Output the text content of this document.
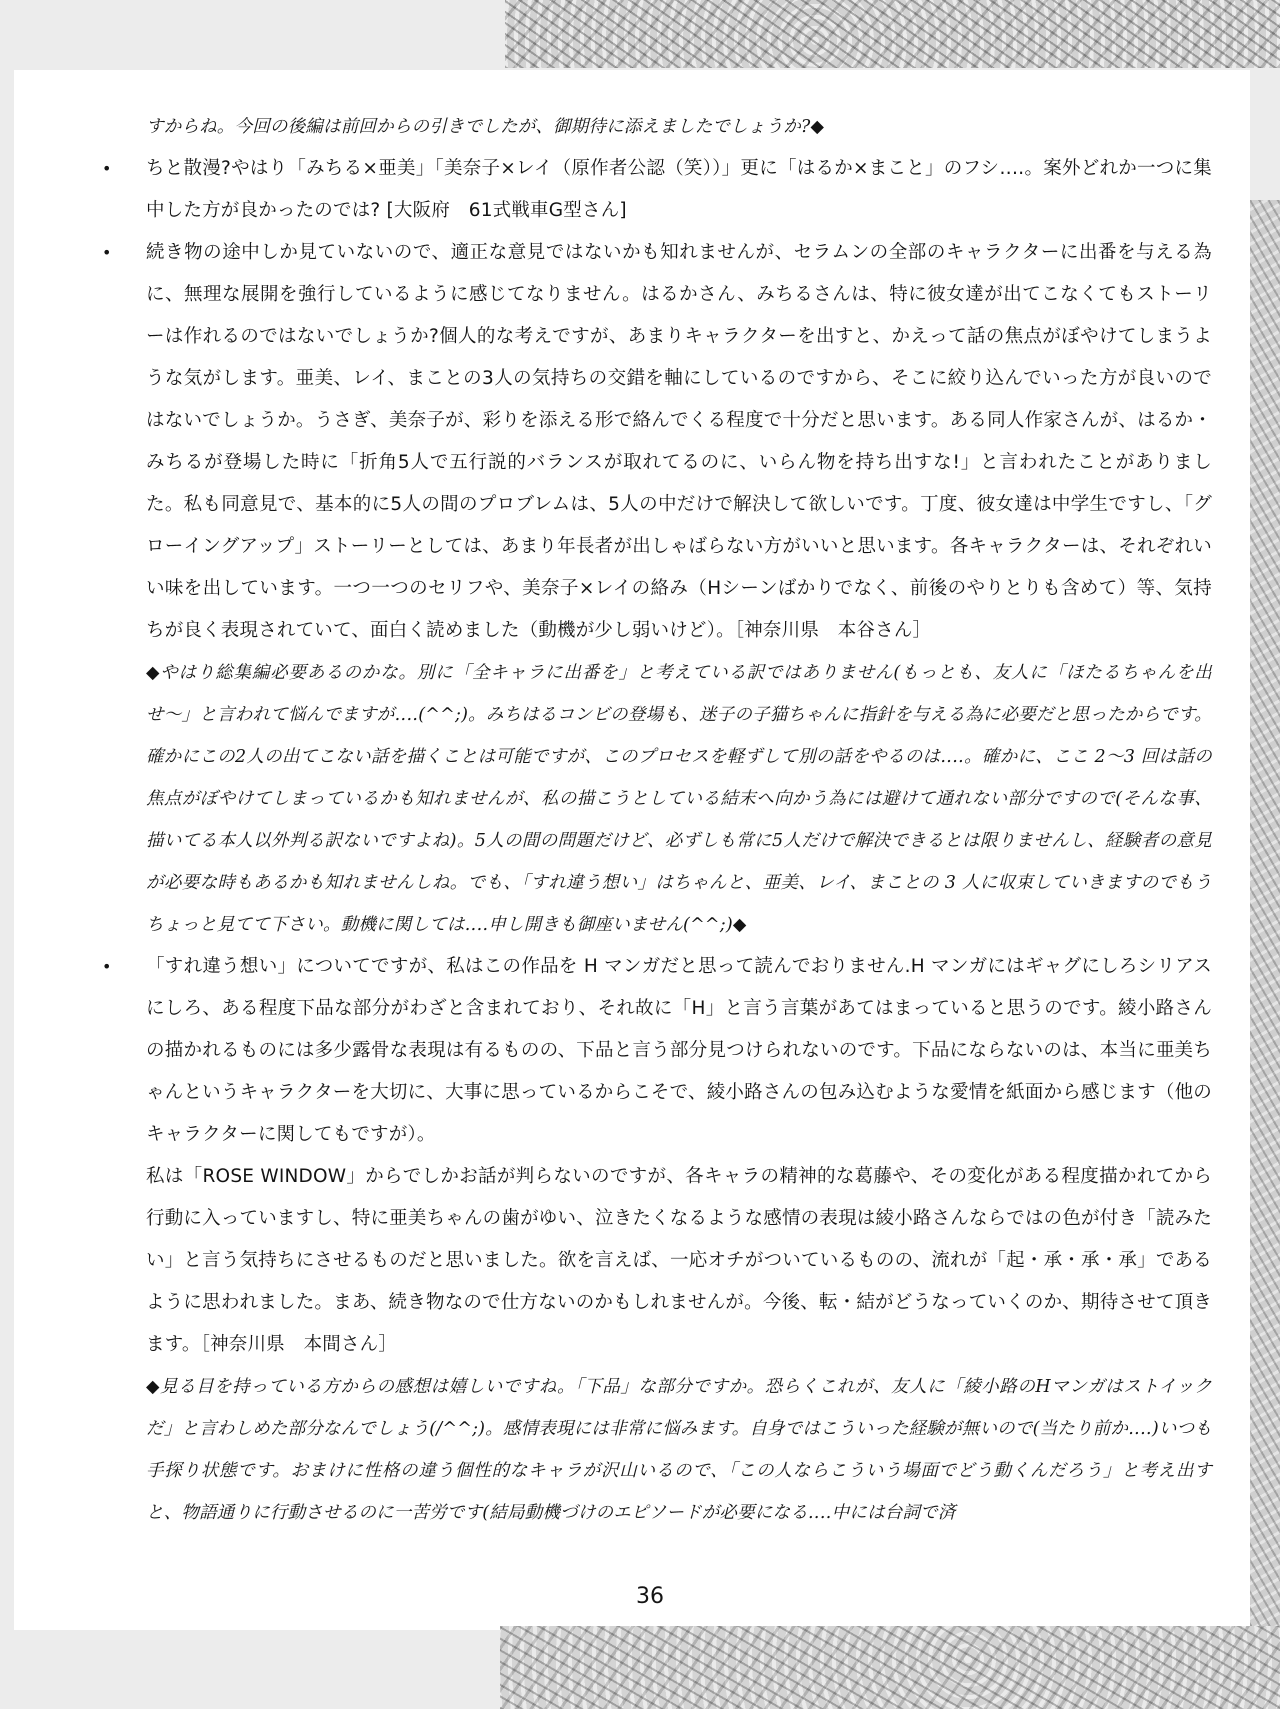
すからね。今回の後編は前回からの引きでしたが、御期待に添えましたでしょうか?◆
• ちと散漫?やはり「みちる×亜美」「美奈子×レイ（原作者公認（笑））」更に「はるか×まこと」のフシ‥‥。案外どれか一つに集中した方が良かったのでは? [大阪府　61式戦車G型さん]
• 続き物の途中しか見ていないので、適正な意見ではないかも知れませんが、セラムンの全部のキャラクターに出番を与える為に、無理な展開を強行しているように感じてなりません。はるかさん、みちるさんは、特に彼女達が出てこなくてもストーリーは作れるのではないでしょうか?個人的な考えですが、あまりキャラクターを出すと、かえって話の焦点がぼやけてしまうような気がします。亜美、レイ、まことの3人の気持ちの交錯を軸にしているのですから、そこに絞り込んでいった方が良いのではないでしょうか。うさぎ、美奈子が、彩りを添える形で絡んでくる程度で十分だと思います。ある同人作家さんが、はるか・みちるが登場した時に「折角5人で五行説的バランスが取れてるのに、いらん物を持ち出すな!」と言われたことがありました。私も同意見で、基本的に5人の間のプロブレムは、5人の中だけで解決して欲しいです。丁度、彼女達は中学生ですし、「グローイングアップ」ストーリーとしては、あまり年長者が出しゃばらない方がいいと思います。各キャラクターは、それぞれいい味を出しています。一つ一つのセリフや、美奈子×レイの絡み（Hシーンばかりでなく、前後のやりとりも含めて）等、気持ちが良く表現されていて、面白く読めました（動機が少し弱いけど）。［神奈川県　本谷さん］
◆やはり総集編必要あるのかな。別に「全キャラに出番を」と考えている訳ではありません(もっとも、友人に「ほたるちゃんを出せ〜」と言われて悩んでますが‥‥(^^;)。みちはるコンビの登場も、迷子の子猫ちゃんに指針を与える為に必要だと思ったからです。確かにこの2人の出てこない話を描くことは可能ですが、このプロセスを軽ずして別の話をやるのは‥‥。確かに、ここ 2〜3 回は話の焦点がぼやけてしまっているかも知れませんが、私の描こうとしている結末へ向かう為には避けて通れない部分ですので(そんな事、描いてる本人以外判る訳ないですよね)。5人の間の問題だけど、必ずしも常に5人だけで解決できるとは限りませんし、経験者の意見が必要な時もあるかも知れませんしね。でも、「すれ違う想い」はちゃんと、亜美、レイ、まことの 3 人に収束していきますのでもうちょっと見てて下さい。動機に関しては‥‥申し開きも御座いません(^^;)◆
• 「すれ違う想い」についてですが、私はこの作品を H マンガだと思って読んでおりません.H マンガにはギャグにしろシリアスにしろ、ある程度下品な部分がわざと含まれており、それ故に「H」と言う言葉があてはまっていると思うのです。綾小路さんの描かれるものには多少露骨な表現は有るものの、下品と言う部分見つけられないのです。下品にならないのは、本当に亜美ちゃんというキャラクターを大切に、大事に思っているからこそで、綾小路さんの包み込むような愛情を紙面から感じます（他のキャラクターに関してもですが）。
私は「ROSE WINDOW」からでしかお話が判らないのですが、各キャラの精神的な葛藤や、その変化がある程度描かれてから行動に入っていますし、特に亜美ちゃんの歯がゆい、泣きたくなるような感情の表現は綾小路さんならではの色が付き「読みたい」と言う気持ちにさせるものだと思いました。欲を言えば、一応オチがついているものの、流れが「起・承・承・承」であるように思われました。まあ、続き物なので仕方ないのかもしれませんが。今後、転・結がどうなっていくのか、期待させて頂きます。［神奈川県　本間さん］
◆見る目を持っている方からの感想は嬉しいですね。「下品」な部分ですか。恐らくこれが、友人に「綾小路のHマンガはストイックだ」と言わしめた部分なんでしょう(/^^;)。感情表現には非常に悩みます。自身ではこういった経験が無いので(当たり前か‥‥)いつも手探り状態です。おまけに性格の違う個性的なキャラが沢山いるので、「この人ならこういう場面でどう動くんだろう」と考え出すと、物語通りに行動させるのに一苦労です(結局動機づけのエピソードが必要になる‥‥中には台詞で済
36
